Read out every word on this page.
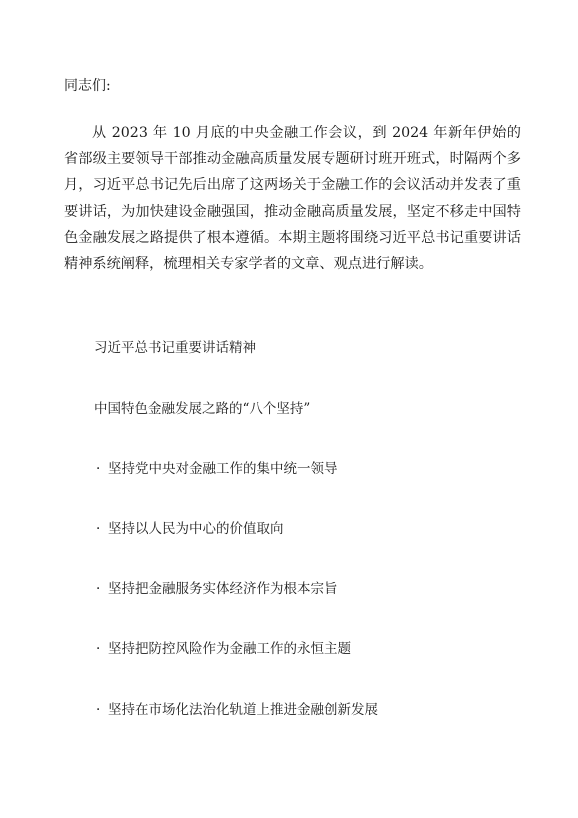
同志们:

从 2023 年 10 月底的中央金融工作会议，到 2024 年新年伊始的省部级主要领导干部推动金融高质量发展专题研讨班开班式，时隔两个多月，习近平总书记先后出席了这两场关于金融工作的会议活动并发表了重要讲话，为加快建设金融强国，推动金融高质量发展，坚定不移走中国特色金融发展之路提供了根本遵循。本期主题将围绕习近平总书记重要讲话精神系统阐释，梳理相关专家学者的文章、观点进行解读。

习近平总书记重要讲话精神
中国特色金融发展之路的“八个坚持”
· 坚持党中央对金融工作的集中统一领导
· 坚持以人民为中心的价值取向
· 坚持把金融服务实体经济作为根本宗旨
· 坚持把防控风险作为金融工作的永恒主题
· 坚持在市场化法治化轨道上推进金融创新发展
